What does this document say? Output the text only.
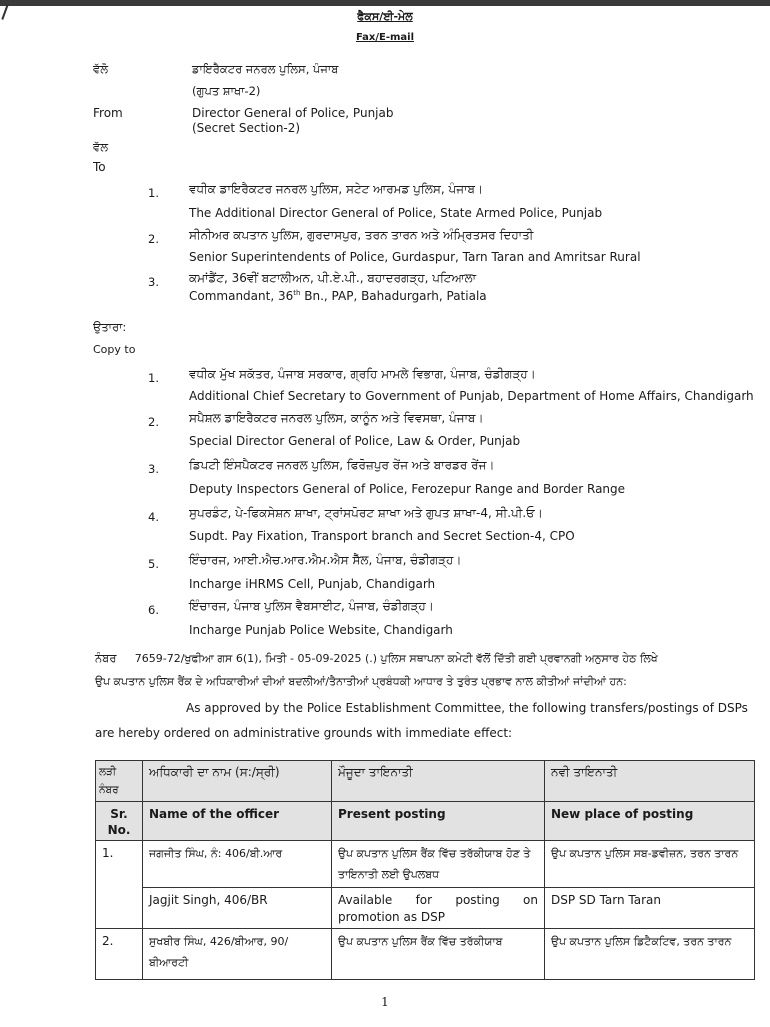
ਫੈਕਸ/ਈ-ਮੇਲ
Fax/E-mail
ਵੱਲੋ	ਡਾਇਰੈਕਟਰ ਜਨਰਲ ਪੁਲਿਸ, ਪੰਜਾਬ
(ਗੁਪਤ ਸ਼ਾਖਾ-2)
From	Director General of Police, Punjab
(Secret Section-2)
ਵੱਲ
To
1.	ਵਧੀਕ ਡਾਇਰੈਕਟਰ ਜਨਰਲ ਪੁਲਿਸ, ਸਟੇਟ ਆਰਮਡ ਪੁਲਿਸ, ਪੰਜਾਬ।
The Additional Director General of Police, State Armed Police, Punjab
2.	ਸੀਨੀਅਰ ਕਪਤਾਨ ਪੁਲਿਸ, ਗੁਰਦਾਸਪੁਰ, ਤਰਨ ਤਾਰਨ ਅਤੇ ਅੰਮ੍ਰਿਤਸਰ ਦਿਹਾਤੀ
Senior Superintendents of Police, Gurdaspur, Tarn Taran and Amritsar Rural
3.	ਕਮਾਂਡੈਂਟ, 36ਵੀਂ ਬਟਾਲੀਅਨ, ਪੀ.ਏ.ਪੀ., ਬਹਾਦਰਗੜ੍ਹ, ਪਟਿਆਲਾ
Commandant, 36th Bn., PAP, Bahadurgarh, Patiala
ਉਤਾਰਾ:
Copy to
1.	ਵਧੀਕ ਮੁੱਖ ਸਕੱਤਰ, ਪੰਜਾਬ ਸਰਕਾਰ, ਗ੍ਰਹਿ ਮਾਮਲੇ ਵਿਭਾਗ, ਪੰਜਾਬ, ਚੰਡੀਗੜ੍ਹ।
Additional Chief Secretary to Government of Punjab, Department of Home Affairs, Chandigarh
2.	ਸਪੈਸ਼ਲ ਡਾਇਰੈਕਟਰ ਜਨਰਲ ਪੁਲਿਸ, ਕਾਨੂੰਨ ਅਤੇ ਵਿਵਸਥਾ, ਪੰਜਾਬ।
Special Director General of Police, Law & Order, Punjab
3.	ਡਿਪਟੀ ਇੰਸਪੈਕਟਰ ਜਨਰਲ ਪੁਲਿਸ, ਫਿਰੋਜ਼ਪੁਰ ਰੇਂਜ ਅਤੇ ਬਾਰਡਰ ਰੇਂਜ।
Deputy Inspectors General of Police, Ferozepur Range and Border Range
4.	ਸੁਪਰਡੰਟ, ਪੇ-ਫਿਕਸੇਸ਼ਨ ਸ਼ਾਖਾ, ਟ੍ਰਾਂਸਪੋਰਟ ਸ਼ਾਖਾ ਅਤੇ ਗੁਪਤ ਸ਼ਾਖਾ-4, ਸੀ.ਪੀ.ਓ।
Supdt. Pay Fixation, Transport branch and Secret Section-4, CPO
5.	ਇੰਚਾਰਜ, ਆਈ.ਐਚ.ਆਰ.ਐਮ.ਐਸ ਸੈੱਲ, ਪੰਜਾਬ, ਚੰਡੀਗੜ੍ਹ।
Incharge iHRMS Cell, Punjab, Chandigarh
6.	ਇੰਚਾਰਜ, ਪੰਜਾਬ ਪੁਲਿਸ ਵੈਬਸਾਈਟ, ਪੰਜਾਬ, ਚੰਡੀਗੜ੍ਹ।
Incharge Punjab Police Website, Chandigarh
ਨੰਬਰ 7659-72/ਖੁਫੀਆ ਗਸ 6(1), ਮਿਤੀ - 05-09-2025 (.) ਪੁਲਿਸ ਸਥਾਪਨਾ ਕਮੇਟੀ ਵੱਲੋਂ ਦਿੱਤੀ ਗਈ ਪ੍ਰਵਾਨਗੀ ਅਨੁਸਾਰ ਹੇਠ ਲਿਖੇ
ਉਪ ਕਪਤਾਨ ਪੁਲਿਸ ਰੈਂਕ ਦੇ ਅਧਿਕਾਰੀਆਂ ਦੀਆਂ ਬਦਲੀਆਂ/ਤੈਨਾਤੀਆਂ ਪ੍ਰਬੰਧਕੀ ਆਧਾਰ ਤੇ ਤੁਰੰਤ ਪ੍ਰਭਾਵ ਨਾਲ ਕੀਤੀਆਂ ਜਾਂਦੀਆਂ ਹਨ:
As approved by the Police Establishment Committee, the following transfers/postings of DSPs
are hereby ordered on administrative grounds with immediate effect:
ਲੜੀ ਨੰਬਰ	ਅਧਿਕਾਰੀ ਦਾ ਨਾਮ (ਸ:/ਸ੍ਰੀ)	ਮੌਜੂਦਾ ਤਾਇਨਾਤੀ	ਨਵੀ ਤਾਇਨਾਤੀ
Sr. No.	Name of the officer	Present posting	New place of posting
1.	ਜਗਜੀਤ ਸਿੰਘ, ਨੰ: 406/ਬੀ.ਆਰ	ਉਪ ਕਪਤਾਨ ਪੁਲਿਸ ਰੈਂਕ ਵਿੱਚ ਤਰੱਕੀਯਾਬ ਹੋਣ ਤੇ ਤਾਇਨਾਤੀ ਲਈ ਉਪਲਬਧ	ਉਪ ਕਪਤਾਨ ਪੁਲਿਸ ਸਬ-ਡਵੀਜ਼ਨ, ਤਰਨ ਤਾਰਨ
	Jagjit Singh, 406/BR	Available for posting on promotion as DSP	DSP SD Tarn Taran
2.	ਸੁਖਬੀਰ ਸਿੰਘ, 426/ਬੀਆਰ, 90/ਬੀਆਰਟੀ	ਉਪ ਕਪਤਾਨ ਪੁਲਿਸ ਰੈਂਕ ਵਿੱਚ ਤਰੱਕੀਯਾਬ	ਉਪ ਕਪਤਾਨ ਪੁਲਿਸ ਡਿਟੈਕਟਿਵ, ਤਰਨ ਤਾਰਨ
1
